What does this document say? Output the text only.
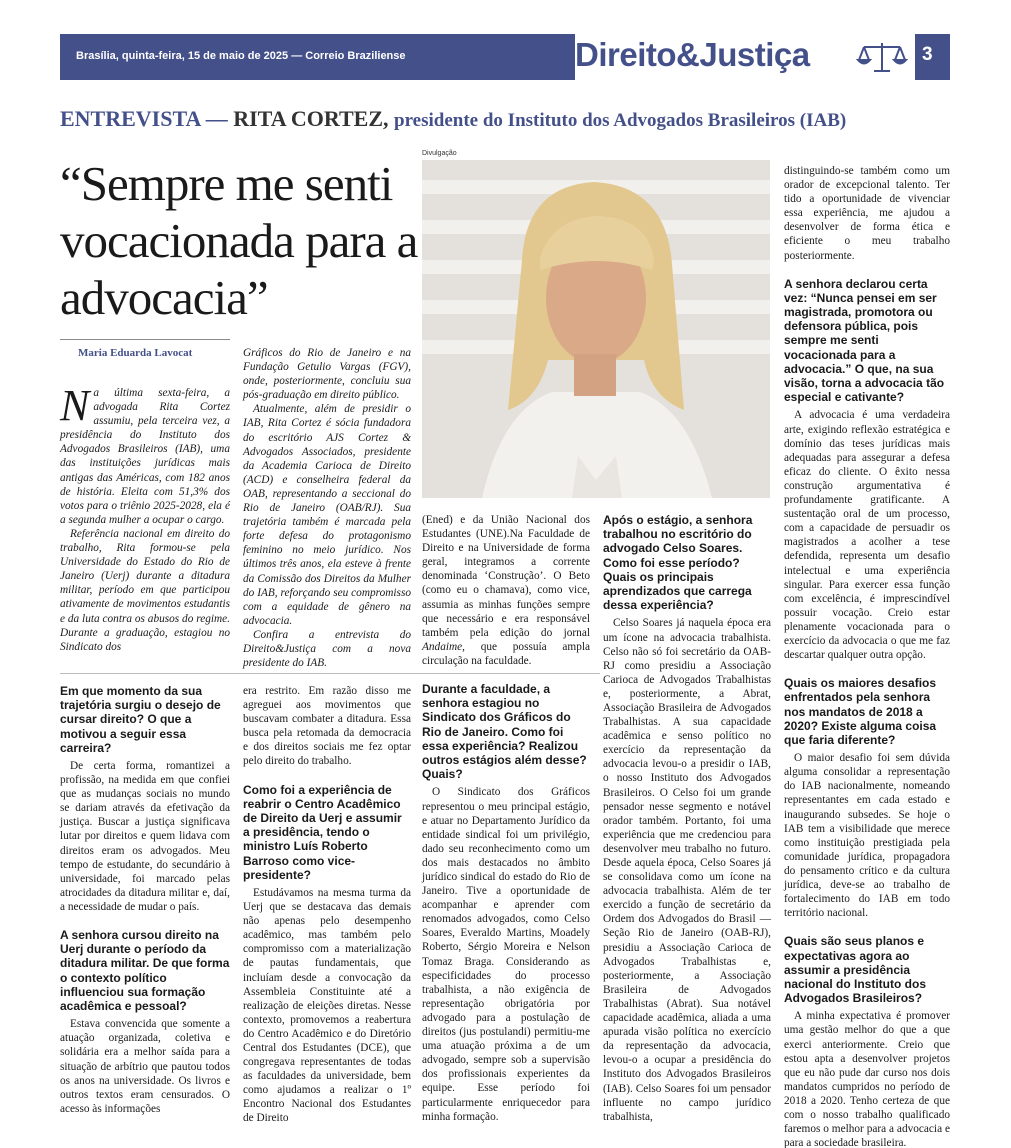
Brasília, quinta-feira, 15 de maio de 2025 — Correio Braziliense	Direito&Justiça	3
ENTREVISTA — RITA CORTEZ, presidente do Instituto dos Advogados Brasileiros (IAB)
“Sempre me senti vocacionada para a advocacia”
Maria Eduarda Lavocat
Divulgação

Na última sexta-feira, a advogada Rita Cortez assumiu, pela terceira vez, a presidência do Instituto dos Advogados Brasileiros (IAB), uma das instituições jurídicas mais antigas das Américas, com 182 anos de história. Eleita com 51,3% dos votos para o triênio 2025-2028, ela é a segunda mulher a ocupar o cargo.

Referência nacional em direito do trabalho, Rita formou-se pela Universidade do Estado do Rio de Janeiro (Uerj) durante a ditadura militar, período em que participou ativamente de movimentos estudantis e da luta contra os abusos do regime. Durante a graduação, estagiou no Sindicato dos

Gráficos do Rio de Janeiro e na Fundação Getulio Vargas (FGV), onde, posteriormente, concluiu sua pós-graduação em direito público.

Atualmente, além de presidir o IAB, Rita Cortez é sócia fundadora do escritório AJS Cortez & Advogados Associados, presidente da Academia Carioca de Direito (ACD) e conselheira federal da OAB, representando a seccional do Rio de Janeiro (OAB/RJ). Sua trajetória também é marcada pela forte defesa do protagonismo feminino no meio jurídico. Nos últimos três anos, ela esteve à frente da Comissão dos Direitos da Mulher do IAB, reforçando seu compromisso com a equidade de gênero na advocacia.

Confira a entrevista do Direito&Justiça com a nova presidente do IAB.

Em que momento da sua trajetória surgiu o desejo de cursar direito? O que a motivou a seguir essa carreira?

De certa forma, romantizei a profissão, na medida em que confiei que as mudanças sociais no mundo se dariam através da efetivação da justiça. Buscar a justiça significava lutar por direitos e quem lidava com direitos eram os advogados. Meu tempo de estudante, do secundário à universidade, foi marcado pelas atrocidades da ditadura militar e, daí, a necessidade de mudar o país.

A senhora cursou direito na Uerj durante o período da ditadura militar. De que forma o contexto político influenciou sua formação acadêmica e pessoal?

Estava convencida que somente a atuação organizada, coletiva e solidária era a melhor saída para a situação de arbítrio que pautou todos os anos na universidade. Os livros e outros textos eram censurados. O acesso às informações

era restrito. Em razão disso me agreguei aos movimentos que buscavam combater a ditadura. Essa busca pela retomada da democracia e dos direitos sociais me fez optar pelo direito do trabalho.

Como foi a experiência de reabrir o Centro Acadêmico de Direito da Uerj e assumir a presidência, tendo o ministro Luís Roberto Barroso como vice-presidente?

Estudávamos na mesma turma da Uerj que se destacava das demais não apenas pelo desempenho acadêmico, mas também pelo compromisso com a materialização de pautas fundamentais, que incluíam desde a convocação da Assembleia Constituinte até a realização de eleições diretas. Nesse contexto, promovemos a reabertura do Centro Acadêmico e do Diretório Central dos Estudantes (DCE), que congregava representantes de todas as faculdades da universidade, bem como ajudamos a realizar o 1º Encontro Nacional dos Estudantes de Direito

(Ened) e da União Nacional dos Estudantes (UNE).Na Faculdade de Direito e na Universidade de forma geral, integramos a corrente denominada ‘Construção’. O Beto (como eu o chamava), como vice, assumia as minhas funções sempre que necessário e era responsável também pela edição do jornal Andaime, que possuía ampla circulação na faculdade.

Durante a faculdade, a senhora estagiou no Sindicato dos Gráficos do Rio de Janeiro. Como foi essa experiência? Realizou outros estágios além desse? Quais?

O Sindicato dos Gráficos representou o meu principal estágio, e atuar no Departamento Jurídico da entidade sindical foi um privilégio, dado seu reconhecimento como um dos mais destacados no âmbito jurídico sindical do estado do Rio de Janeiro. Tive a oportunidade de acompanhar e aprender com renomados advogados, como Celso Soares, Everaldo Martins, Moadely Roberto, Sérgio Moreira e Nelson Tomaz Braga. Considerando as especificidades do processo trabalhista, a não exigência de representação obrigatória por advogado para a postulação de direitos (jus postulandi) permitiu-me uma atuação próxima a de um advogado, sempre sob a supervisão dos profissionais experientes da equipe. Esse período foi particularmente enriquecedor para minha formação.

Após o estágio, a senhora trabalhou no escritório do advogado Celso Soares. Como foi esse período? Quais os principais aprendizados que carrega dessa experiência?

Celso Soares já naquela época era um ícone na advocacia trabalhista. Celso não só foi secretário da OAB-RJ como presidiu a Associação Carioca de Advogados Trabalhistas e, posteriormente, a Abrat, Associação Brasileira de Advogados Trabalhistas. A sua capacidade acadêmica e senso político no exercício da representação da advocacia levou-o a presidir o IAB, o nosso Instituto dos Advogados Brasileiros. O Celso foi um grande pensador nesse segmento e notável orador também. Portanto, foi uma experiência que me credenciou para desenvolver meu trabalho no futuro. Desde aquela época, Celso Soares já se consolidava como um ícone na advocacia trabalhista. Além de ter exercido a função de secretário da Ordem dos Advogados do Brasil — Seção Rio de Janeiro (OAB-RJ), presidiu a Associação Carioca de Advogados Trabalhistas e, posteriormente, a Associação Brasileira de Advogados Trabalhistas (Abrat). Sua notável capacidade acadêmica, aliada a uma apurada visão política no exercício da representação da advocacia, levou-o a ocupar a presidência do Instituto dos Advogados Brasileiros (IAB). Celso Soares foi um pensador influente no campo jurídico trabalhista,

distinguindo-se também como um orador de excepcional talento. Ter tido a oportunidade de vivenciar essa experiência, me ajudou a desenvolver de forma ética e eficiente o meu trabalho posteriormente.

A senhora declarou certa vez: “Nunca pensei em ser magistrada, promotora ou defensora pública, pois sempre me senti vocacionada para a advocacia.” O que, na sua visão, torna a advocacia tão especial e cativante?

A advocacia é uma verdadeira arte, exigindo reflexão estratégica e domínio das teses jurídicas mais adequadas para assegurar a defesa eficaz do cliente. O êxito nessa construção argumentativa é profundamente gratificante. A sustentação oral de um processo, com a capacidade de persuadir os magistrados a acolher a tese defendida, representa um desafio intelectual e uma experiência singular. Para exercer essa função com excelência, é imprescindível possuir vocação. Creio estar plenamente vocacionada para o exercício da advocacia o que me faz descartar qualquer outra opção.

Quais os maiores desafios enfrentados pela senhora nos mandatos de 2018 a 2020? Existe alguma coisa que faria diferente?

O maior desafio foi sem dúvida alguma consolidar a representação do IAB nacionalmente, nomeando representantes em cada estado e inaugurando subsedes. Se hoje o IAB tem a visibilidade que merece como instituição prestigiada pela comunidade jurídica, propagadora do pensamento crítico e da cultura jurídica, deve-se ao trabalho de fortalecimento do IAB em todo território nacional.

Quais são seus planos e expectativas agora ao assumir a presidência nacional do Instituto dos Advogados Brasileiros?

A minha expectativa é promover uma gestão melhor do que a que exerci anteriormente. Creio que estou apta a desenvolver projetos que eu não pude dar curso nos dois mandatos cumpridos no período de 2018 a 2020. Tenho certeza de que com o nosso trabalho qualificado faremos o melhor para a advocacia e para a sociedade brasileira.
